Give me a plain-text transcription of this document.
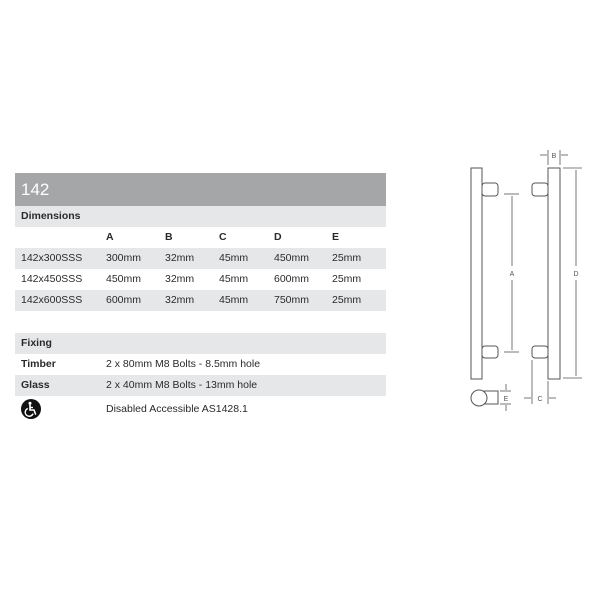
142
Dimensions
A	B	C	D	E
142x300SSS 300mm 32mm 45mm 450mm 25mm
142x450SSS 450mm 32mm 45mm 600mm 25mm
142x600SSS 600mm 32mm 45mm 750mm 25mm
Fixing
Timber	2 x 80mm M8 Bolts - 8.5mm hole
Glass	2 x 40mm M8 Bolts - 13mm hole
Disabled Accessible AS1428.1
A	D
B
C
E
